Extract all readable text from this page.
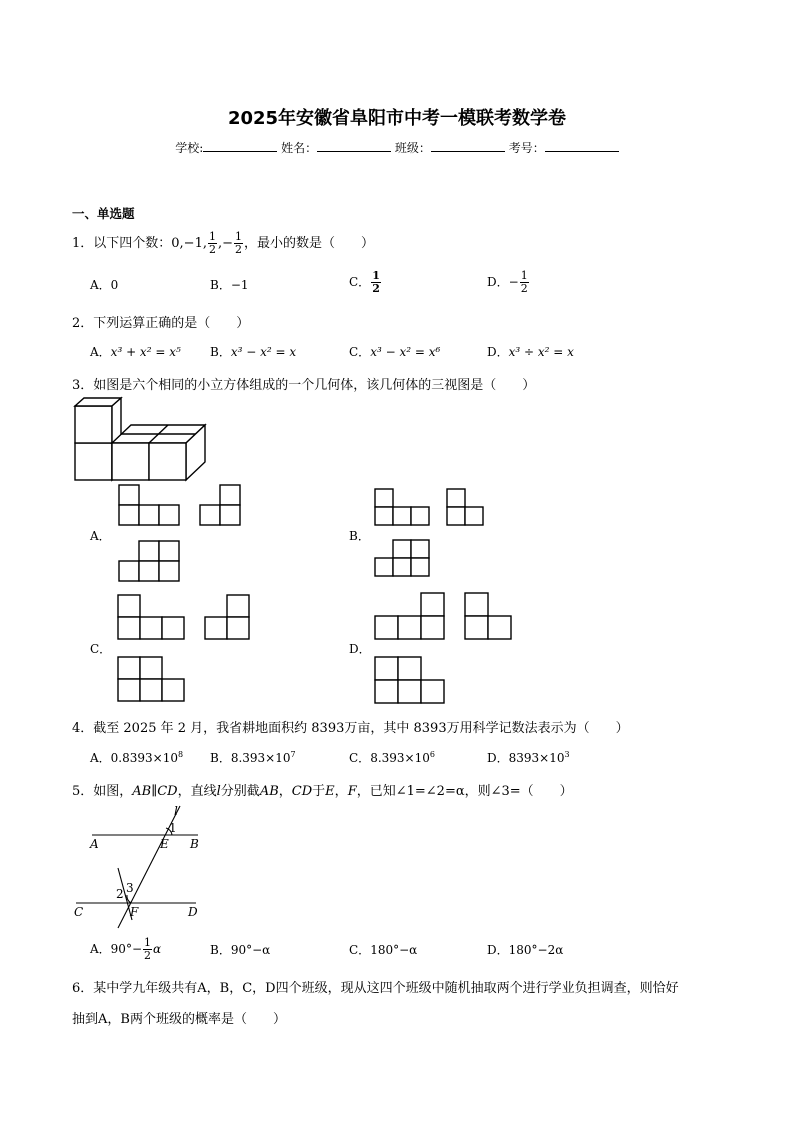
2025年安徽省阜阳市中考一模联考数学卷
学校:	姓名：	班级：	考号：
一、单选题
1．以下四个数：0,−1, $\frac{1}{2}$ ,− $\frac{1}{2}$ ，最小的数是（　　）
A．0	B．−1	C． $\frac{1}{2}$	D．− $\frac{1}{2}$
2．下列运算正确的是（　　）
A．x³ + x² = x⁵ B．x³ − x² = x	C．x³ − x² = x⁶	D．x³ ÷ x² = x
3．如图是六个相同的小立方体组成的一个几何体，该几何体的三视图是（　　）
A．	B．
C．	D．
4．截至 2025 年 2 月，我省耕地面积约 8393万亩，其中 8393万用科学记数法表示为（　　）
A．$0.8393\times 10^8$ B．$8.393\times 10^7$	C．$8.393\times 10^6$	D．$8393\times 10^3$
5．如图，AB∥CD，直线l分别截AB，CD于E，F，已知∠1=∠2=α，则∠3=（　　）
l
1
A	E B
2 3
C	F	D
A．$90^\circ- \frac{1}{2}$ α	B．90°−α	C．180°−α	D．180°−2α
6．某中学九年级共有A，B，C，D四个班级，现从这四个班级中随机抽取两个进行学业负担调查，则恰好
抽到A，B两个班级的概率是（　　）
